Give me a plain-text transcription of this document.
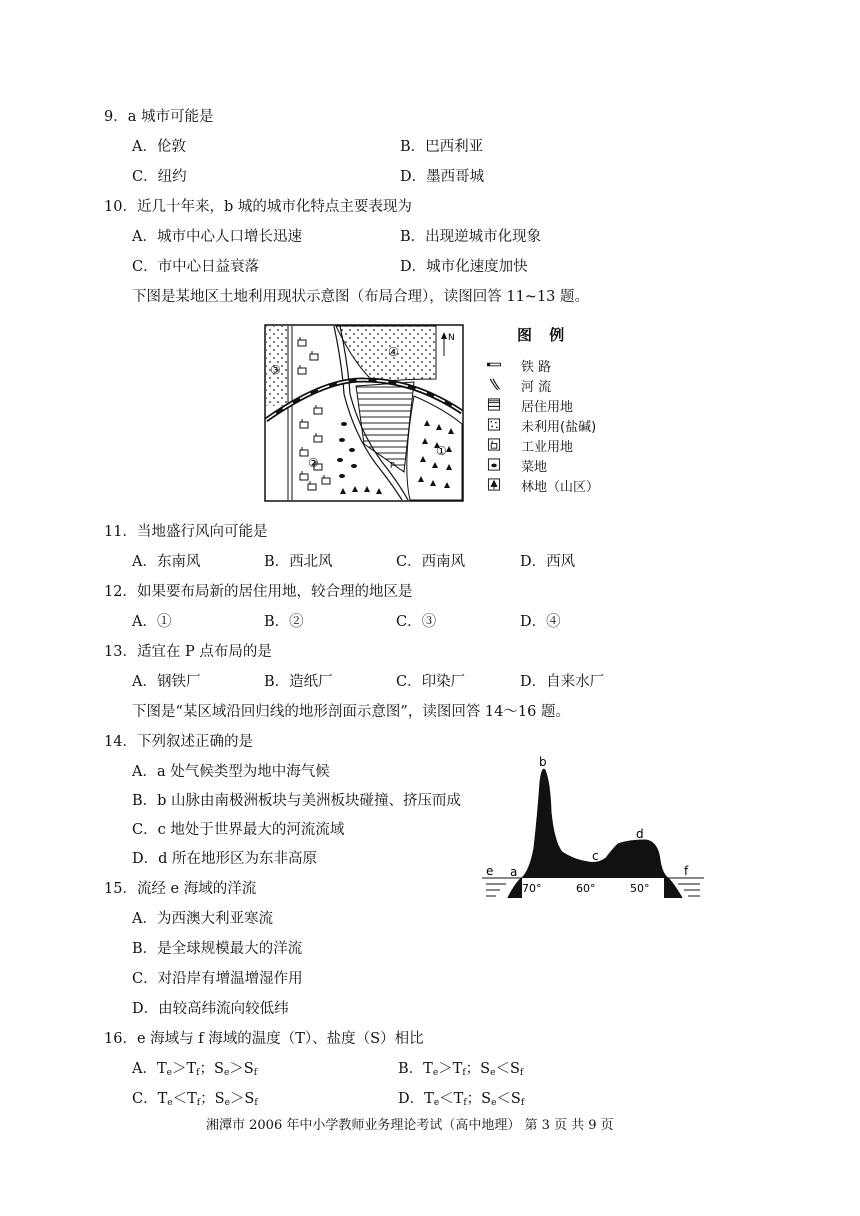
9．a 城市可能是
A．伦敦	B．巴西利亚
C．纽约	D．墨西哥城
10．近几十年来，b 城的城市化特点主要表现为
A．城市中心人口增长迅速	B．出现逆城市化现象
C．市中心日益衰落	D．城市化速度加快
下图是某地区土地利用现状示意图（布局合理），读图回答 11~13 题。
N
④
③
②
①
P
图 例
铁 路
河 流
居住用地
未利用(盐碱)
工业用地
菜地
林地（山区）
11．当地盛行风向可能是
A．东南风	B．西北风	C．西南风	D．西风
12．如果要布局新的居住用地，较合理的地区是
A．①	B．②	C．③	D．④
13．适宜在 P 点布局的是
A．钢铁厂	B．造纸厂	C．印染厂	D．自来水厂
下图是“某区域沿回归线的地形剖面示意图”，读图回答 14～16 题。
14．下列叙述正确的是
A．a 处气候类型为地中海气候
B．b 山脉由南极洲板块与美洲板块碰撞、挤压而成
C．c 地处于世界最大的河流流域
D．d 所在地形区为东非高原
b
a
c
d
e	f
70°	60°	50°
15．流经 e 海域的洋流
A．为西澳大利亚寒流
B．是全球规模最大的洋流
C．对沿岸有增温增湿作用
D．由较高纬流向较低纬
16．e 海域与 f 海域的温度（T）、盐度（S）相比
A．$T_e>T_f$；$S_e>S_f$	B．$T_e>T_f$；$S_e<S_f$
C．$T_e<T_f$；$S_e>S_f$	D．$T_e<T_f$；$S_e<S_f$
湘潭市 2006 年中小学教师业务理论考试（高中地理） 第 3 页 共 9 页
